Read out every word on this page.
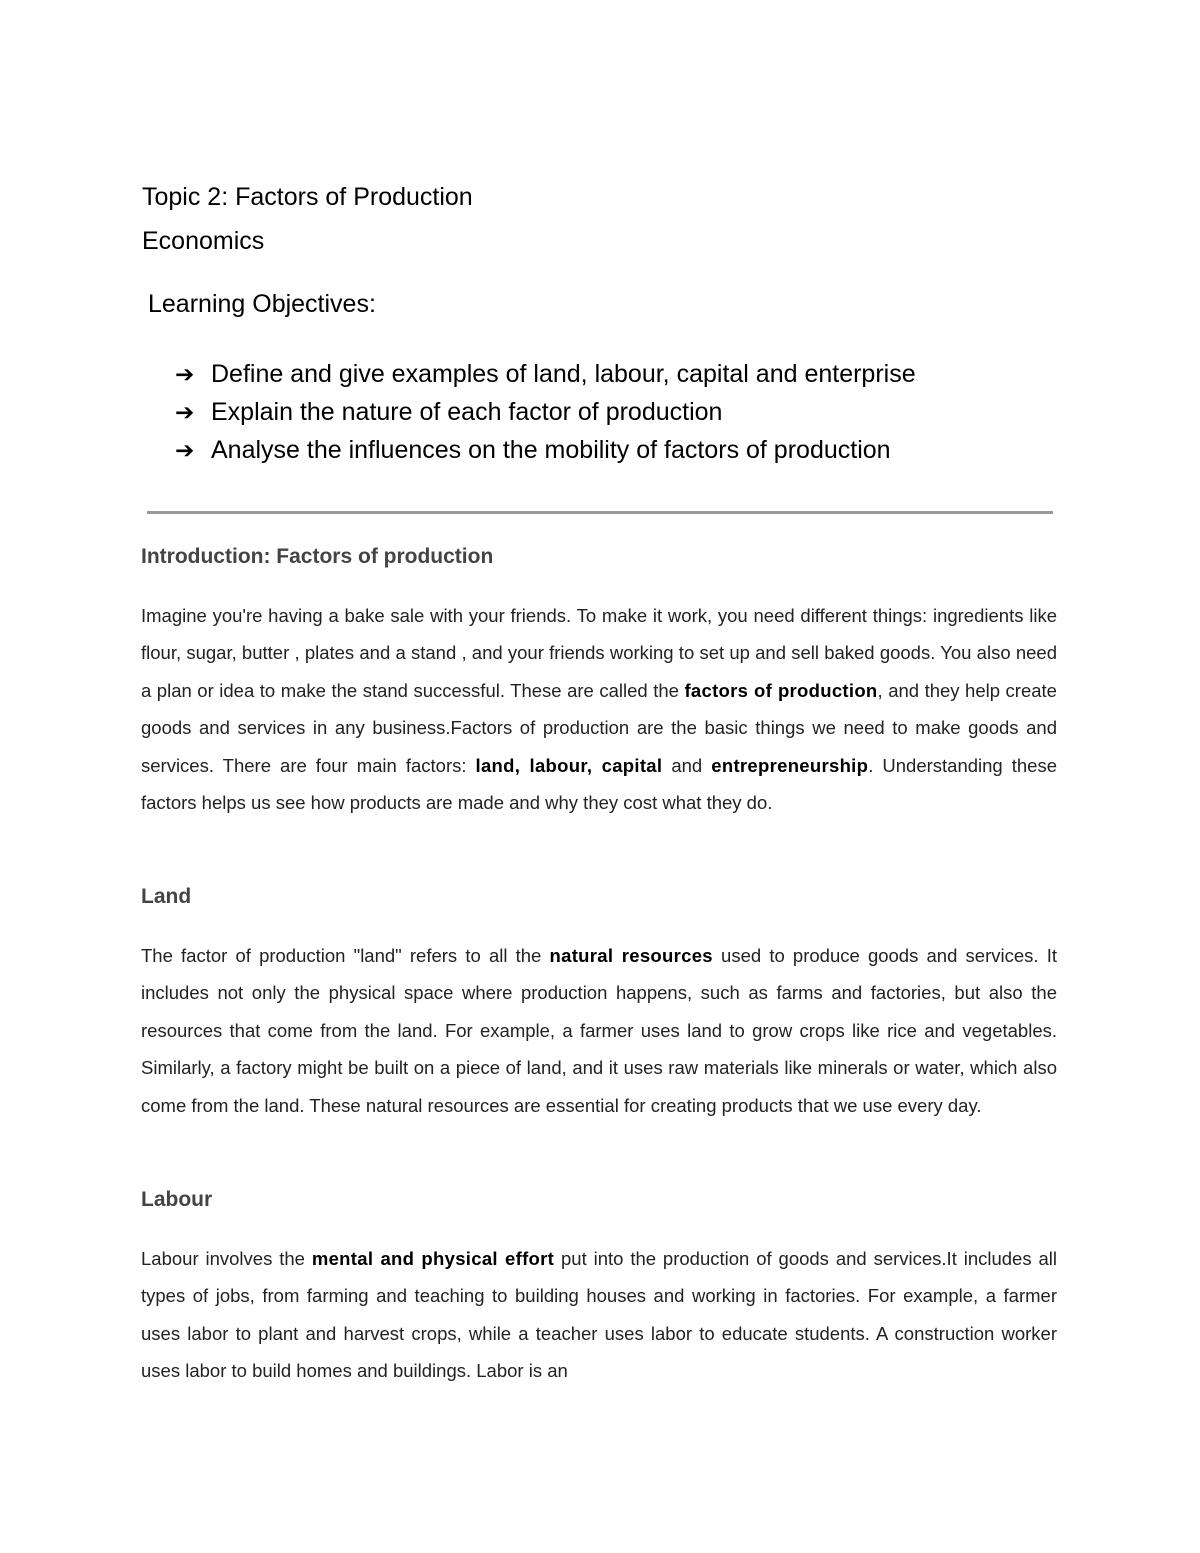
Topic 2: Factors of Production
Economics
Learning Objectives:
➔ Define and give examples of land, labour, capital and enterprise
➔ Explain the nature of each factor of production
➔ Analyse the influences on the mobility of factors of production
Introduction: Factors of production
Imagine you're having a bake sale with your friends. To make it work, you need different things: ingredients like flour, sugar, butter , plates and a stand , and your friends working to set up and sell baked goods. You also need a plan or idea to make the stand successful. These are called the factors of production, and they help create goods and services in any business.Factors of production are the basic things we need to make goods and services. There are four main factors: land, labour, capital and entrepreneurship. Understanding these factors helps us see how products are made and why they cost what they do.
Land
The factor of production "land" refers to all the natural resources used to produce goods and services. It includes not only the physical space where production happens, such as farms and factories, but also the resources that come from the land. For example, a farmer uses land to grow crops like rice and vegetables. Similarly, a factory might be built on a piece of land, and it uses raw materials like minerals or water, which also come from the land. These natural resources are essential for creating products that we use every day.
Labour
Labour involves the mental and physical effort put into the production of goods and services.It includes all types of jobs, from farming and teaching to building houses and working in factories. For example, a farmer uses labor to plant and harvest crops, while a teacher uses labor to educate students. A construction worker uses labor to build homes and buildings. Labor is an
